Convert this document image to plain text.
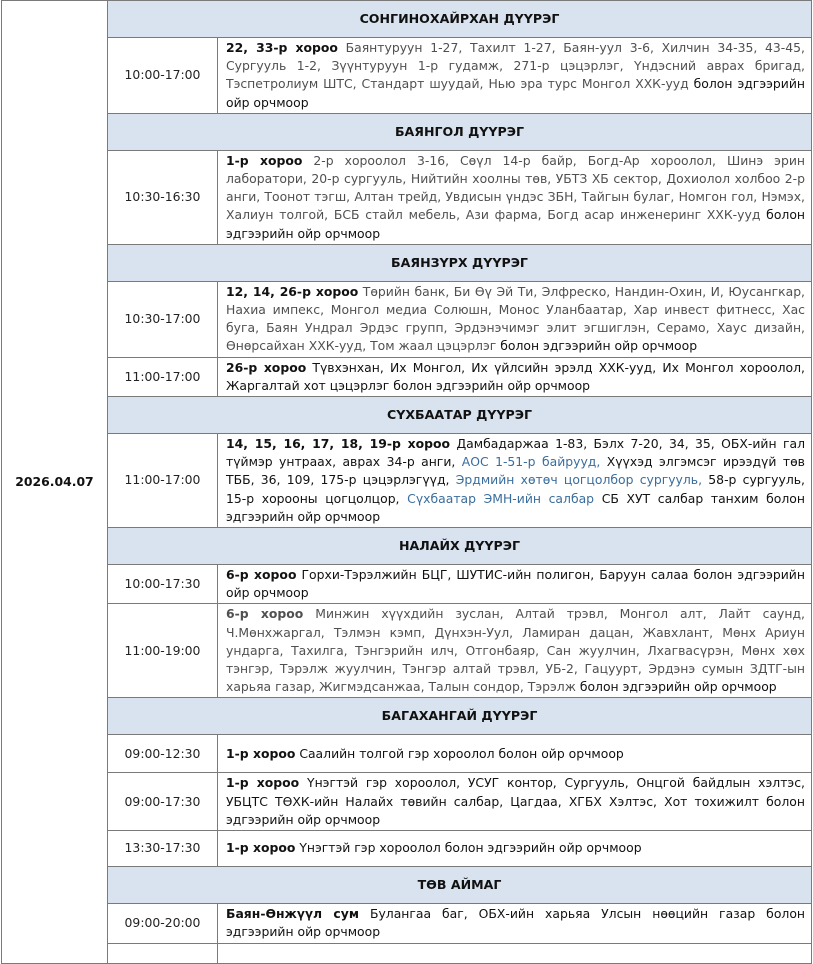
2026.04.07	СОНГИНОХАЙРХАН ДҮҮРЭГ	
	10:00-17:00	22, 33-р хороо Баянтуруун 1-27, Тахилт 1-27, Баян-уул 3-6, Хилчин 34-35, 43-45, Сургууль 1-2, Зүүнтуруун 1-р гудамж, 271-р цэцэрлэг, Үндэсний аврах бригад, Тэспетролиум ШТС, Стандарт шуудай, Нью эра турс Монгол ХХК-ууд болон эдгээрийн ойр орчмоор
	БАЯНГОЛ ДҮҮРЭГ	
	10:30-16:30	1-р хороо 2-р хороолол 3-16, Сөүл 14-р байр, Богд-Ар хороолол, Шинэ эрин лаборатори, 20-р сургууль, Нийтийн хоолны төв, УБТЗ ХБ сектор, Дохиолол холбоо 2-р анги, Тоонот тэгш, Алтан трейд, Увдисын үндэс ЗБН, Тайгын булаг, Номгон гол, Нэмэх, Халиун толгой, БСБ стайл мебель, Ази фарма, Богд асар инженеринг ХХК-ууд болон эдгээрийн ойр орчмоор
	БАЯНЗҮРХ ДҮҮРЭГ	
	10:30-17:00	12, 14, 26-р хороо Төрийн банк, Би Өү Эй Ти, Элфреско, Нандин-Охин, И, Юусангкар, Нахиа импекс, Монгол медиа Солюшн, Монос Уланбаатар, Хар инвест фитнесс, Хас буга, Баян Ундрал Эрдэс групп, Эрдэнэчимэг элит эгшиглэн, Серамо, Хаус дизайн, Өнөрсайхан ХХК-ууд, Том жаал цэцэрлэг болон эдгээрийн ойр орчмоор
	11:00-17:00	26-р хороо Түвхэнхан, Их Монгол, Их үйлсийн эрэлд ХХК-ууд, Их Монгол хороолол, Жаргалтай хот цэцэрлэг болон эдгээрийн ойр орчмоор
	СҮХБААТАР ДҮҮРЭГ	
	11:00-17:00	14, 15, 16, 17, 18, 19-р хороо Дамбадаржаа 1-83, Бэлх 7-20, 34, 35, ОБХ-ийн гал түймэр унтраах, аврах 34-р анги, АОС 1-51-р байрууд, Хүүхэд элгэмсэг ирээдүй төв ТББ, 36, 109, 175-р цэцэрлэгүүд, Эрдмийн хөтөч цогцолбор сургууль, 58-р сургууль, 15-р хорооны цогцолцор, Сүхбаатар ЭМН-ийн салбар СБ ХУТ салбар танхим болон эдгээрийн ойр орчмоор
	НАЛАЙХ ДҮҮРЭГ	
	10:00-17:30	6-р хороо Горхи-Тэрэлжийн БЦГ, ШУТИС-ийн полигон, Баруун салаа болон эдгээрийн ойр орчмоор
	11:00-19:00	6-р хороо Минжин хүүхдийн зуслан, Алтай трэвл, Монгол алт, Лайт саунд, Ч.Мөнхжаргал, Тэлмэн кэмп, Дүнхэн-Уул, Ламиран дацан, Жавхлант, Мөнх Ариун ундарга, Тахилга, Тэнгэрийн илч, Отгонбаяр, Сан жуулчин, Лхагвасүрэн, Мөнх хөх тэнгэр, Тэрэлж жуулчин, Тэнгэр алтай трэвл, УБ-2, Гацуурт, Эрдэнэ сумын ЗДТГ-ын харьяа газар, Жигмэдсанжаа, Талын сондор, Тэрэлж болон эдгээрийн ойр орчмоор
	БАГАХАНГАЙ ДҮҮРЭГ	
	09:00-12:30	1-р хороо Саалийн толгой гэр хороолол болон ойр орчмоор
	09:00-17:30	1-р хороо Үнэгтэй гэр хороолол, УСУГ контор, Сургууль, Онцгой байдлын хэлтэс, УБЦТС ТӨХК-ийн Налайх төвийн салбар, Цагдаа, ХГБХ Хэлтэс, Хот тохижилт болон эдгээрийн ойр орчмоор
	13:30-17:30	1-р хороо Үнэгтэй гэр хороолол болон эдгээрийн ойр орчмоор
	ТӨВ АЙМАГ	
	09:00-20:00	Баян-Өнжүүл сум Булангаа баг, ОБХ-ийн харьяа Улсын нөөцийн газар болон эдгээрийн ойр орчмоор
